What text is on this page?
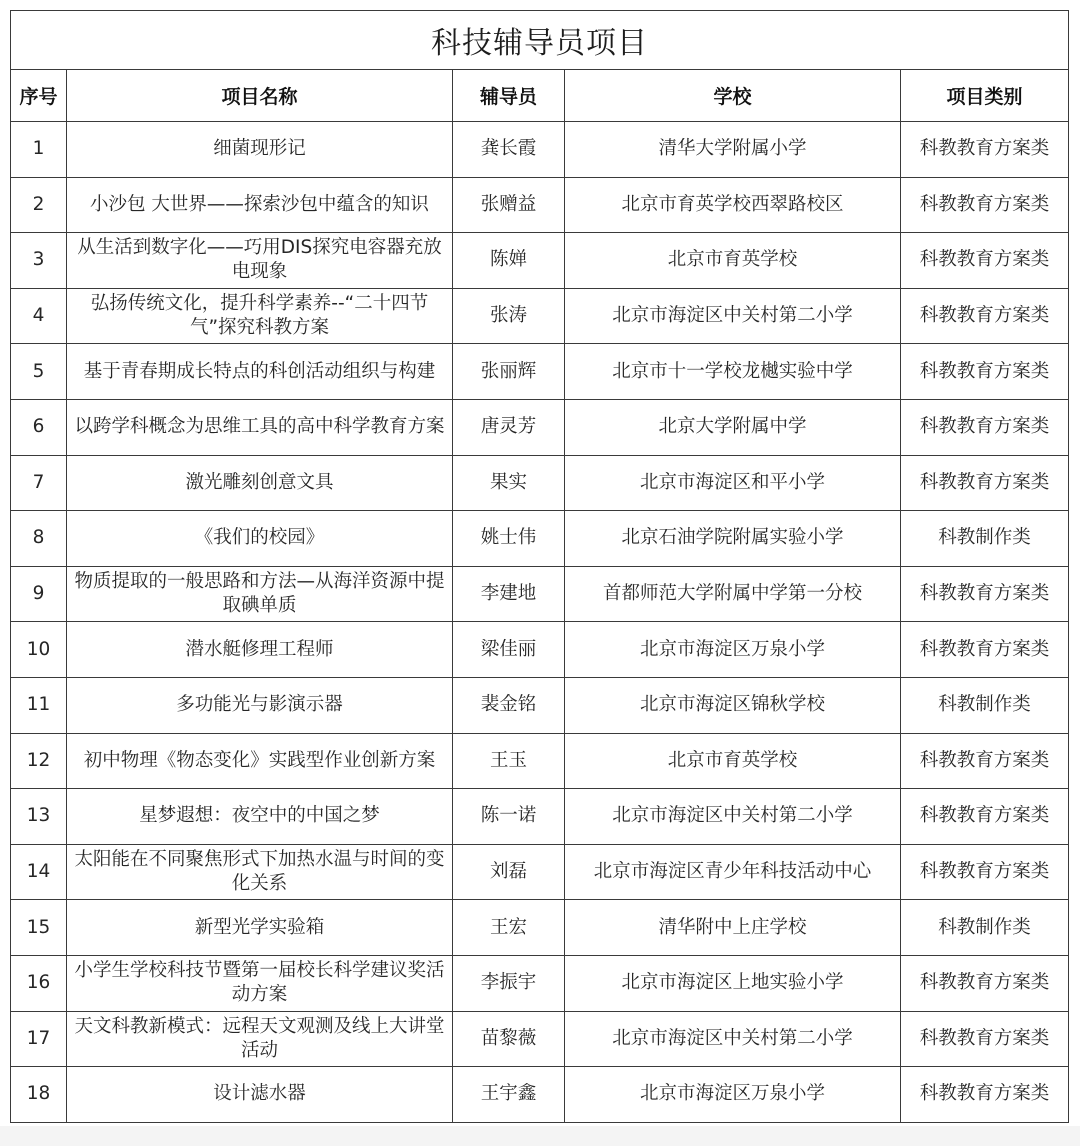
科技辅导员项目				
序号	项目名称	辅导员	学校	项目类别
1	细菌现形记	龚长霞	清华大学附属小学	科教教育方案类
2	小沙包 大世界——探索沙包中蕴含的知识	张赠益	北京市育英学校西翠路校区	科教教育方案类
3	从生活到数字化——巧用DIS探究电容器充放电现象	陈婵	北京市育英学校	科教教育方案类
4	弘扬传统文化，提升科学素养--“二十四节气”探究科教方案	张涛	北京市海淀区中关村第二小学	科教教育方案类
5	基于青春期成长特点的科创活动组织与构建	张丽辉	北京市十一学校龙樾实验中学	科教教育方案类
6	以跨学科概念为思维工具的高中科学教育方案	唐灵芳	北京大学附属中学	科教教育方案类
7	激光雕刻创意文具	果实	北京市海淀区和平小学	科教教育方案类
8	《我们的校园》	姚士伟	北京石油学院附属实验小学	科教制作类
9	物质提取的一般思路和方法—从海洋资源中提取碘单质	李建地	首都师范大学附属中学第一分校	科教教育方案类
10	潜水艇修理工程师	梁佳丽	北京市海淀区万泉小学	科教教育方案类
11	多功能光与影演示器	裴金铭	北京市海淀区锦秋学校	科教制作类
12	初中物理《物态变化》实践型作业创新方案	王玉	北京市育英学校	科教教育方案类
13	星梦遐想：夜空中的中国之梦	陈一诺	北京市海淀区中关村第二小学	科教教育方案类
14	太阳能在不同聚焦形式下加热水温与时间的变化关系	刘磊	北京市海淀区青少年科技活动中心	科教教育方案类
15	新型光学实验箱	王宏	清华附中上庄学校	科教制作类
16	小学生学校科技节暨第一届校长科学建议奖活动方案	李振宇	北京市海淀区上地实验小学	科教教育方案类
17	天文科教新模式：远程天文观测及线上大讲堂活动	苗黎薇	北京市海淀区中关村第二小学	科教教育方案类
18	设计滤水器	王宇鑫	北京市海淀区万泉小学	科教教育方案类
